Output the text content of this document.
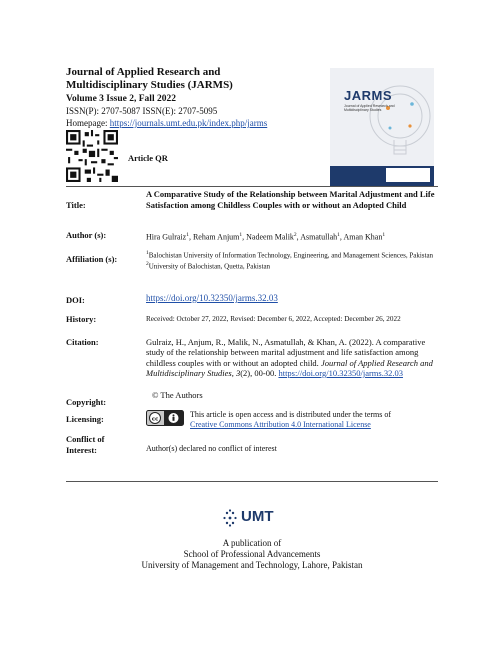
Journal of Applied Research and Multidisciplinary Studies (JARMS)
Volume 3 Issue 2, Fall 2022
ISSN(P): 2707-5087 ISSN(E): 2707-5095
Homepage: https://journals.umt.edu.pk/index.php/jarms
Article QR
JARMS
Journal of Applied Research and Multidisciplinary Studies
Title:
A Comparative Study of the Relationship between Marital Adjustment and Life Satisfaction among Childless Couples with or without an Adopted Child
Author (s):	Hira Gulraiz$^1$, Reham Anjum$^1$, Nadeem Malik$^2$, Asmatullah$^1$, Aman Khan$^1$
Affiliation (s):
$^1$Balochistan University of Information Technology, Engineering, and Management Sciences, Pakistan
$^2$University of Balochistan, Quetta, Pakistan
DOI:	https://doi.org/10.32350/jarms.32.03
History:	Received: October 27, 2022, Revised: December 6, 2022, Accepted: December 26, 2022
Citation:	Gulraiz, H., Anjum, R., Malik, N., Asmatullah, & Khan, A. (2022). A comparative study of the relationship between marital adjustment and life satisfaction among childless couples with or without an adopted child. Journal of Applied Research and Multidisciplinary Studies, 3(2), 00-00. https://doi.org/10.32350/jarms.32.03
Copyright:
© The Authors
Licensing:	cc
This article is open access and is distributed under the terms of
Creative Commons Attribution 4.0 International License
Conflict of Interest:	Author(s) declared no conflict of interest
UMT
A publication of
School of Professional Advancements
University of Management and Technology, Lahore, Pakistan
